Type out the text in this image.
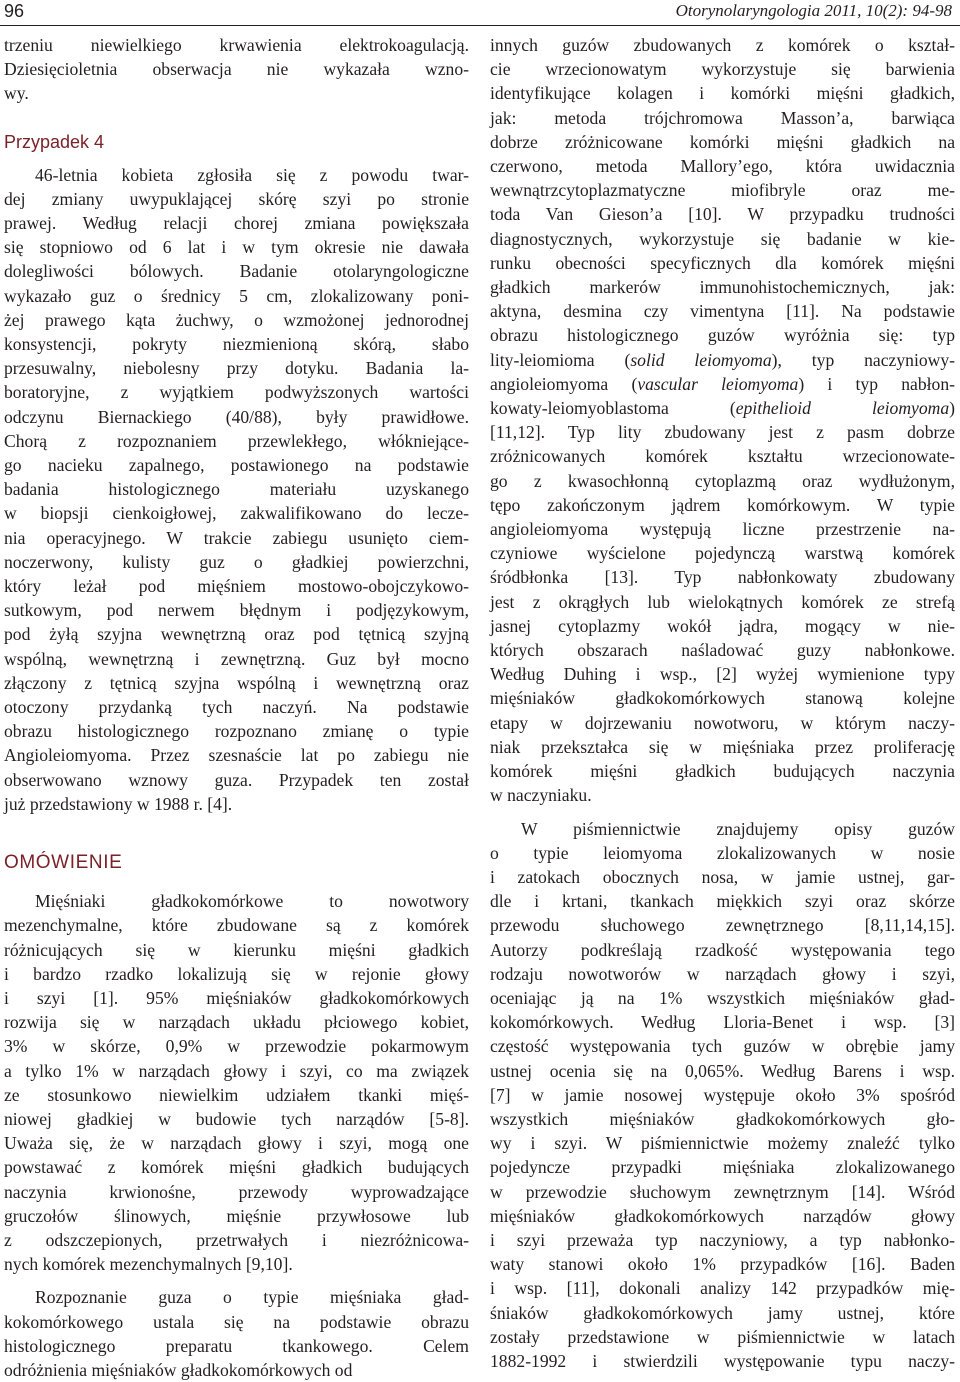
96	Otorynolaryngologia 2011, 10(2): 94-98

trzeniu niewielkiego krwawienia elektrokoagulacją.
Dziesięcioletnia obserwacja nie wykazała wzno-
wy.

Przypadek 4

46-letnia kobieta zgłosiła się z powodu twar-
dej zmiany uwypuklającej skórę szyi po stronie
prawej. Według relacji chorej zmiana powiększała
się stopniowo od 6 lat i w tym okresie nie dawała
dolegliwości bólowych. Badanie otolaryngologiczne
wykazało guz o średnicy 5 cm, zlokalizowany poni-
żej prawego kąta żuchwy, o wzmożonej jednorodnej
konsystencji, pokryty niezmienioną skórą, słabo
przesuwalny, niebolesny przy dotyku. Badania la-
boratoryjne, z wyjątkiem podwyższonych wartości
odczynu Biernackiego (40/88), były prawidłowe.
Chorą z rozpoznaniem przewlekłego, włókniejące-
go nacieku zapalnego, postawionego na podstawie
badania histologicznego materiału uzyskanego
w biopsji cienkoigłowej, zakwalifikowano do lecze-
nia operacyjnego. W trakcie zabiegu usunięto ciem-
noczerwony, kulisty guz o gładkiej powierzchni,
który leżał pod mięśniem mostowo-obojczykowo-
sutkowym, pod nerwem błędnym i podjęzykowym,
pod żyłą szyjna wewnętrzną oraz pod tętnicą szyjną
wspólną, wewnętrzną i zewnętrzną. Guz był mocno
złączony z tętnicą szyjna wspólną i wewnętrzną oraz
otoczony przydanką tych naczyń. Na podstawie
obrazu histologicznego rozpoznano zmianę o typie
Angioleiomyoma. Przez szesnaście lat po zabiegu nie
obserwowano wznowy guza. Przypadek ten został
już przedstawiony w 1988 r. [4].

OMÓWIENIE

Mięśniaki gładkokomórkowe to nowotwory
mezenchymalne, które zbudowane są z komórek
różnicujących się w kierunku mięśni gładkich
i bardzo rzadko lokalizują się w rejonie głowy
i szyi [1]. 95% mięśniaków gładkokomórkowych
rozwija się w narządach układu płciowego kobiet,
3% w skórze, 0,9% w przewodzie pokarmowym
a tylko 1% w narządach głowy i szyi, co ma związek
ze stosunkowo niewielkim udziałem tkanki mięś-
niowej gładkiej w budowie tych narządów [5-8].
Uważa się, że w narządach głowy i szyi, mogą one
powstawać z komórek mięśni gładkich budujących
naczynia krwionośne, przewody wyprowadzające
gruczołów ślinowych, mięśnie przywłosowe lub
z odszczepionych, przetrwałych i niezróżnicowa-
nych komórek mezenchymalnych [9,10].

Rozpoznanie guza o typie mięśniaka gład-
kokomórkowego ustala się na podstawie obrazu
histologicznego preparatu tkankowego. Celem
odróżnienia mięśniaków gładkokomórkowych od

innych guzów zbudowanych z komórek o kształ-
cie wrzecionowatym wykorzystuje się barwienia
identyfikujące kolagen i komórki mięśni gładkich,
jak: metoda trójchromowa Masson’a, barwiąca
dobrze zróżnicowane komórki mięśni gładkich na
czerwono, metoda Mallory’ego, która uwidacznia
wewnątrzcytoplazmatyczne miofibryle oraz me-
toda Van Gieson’a [10]. W przypadku trudności
diagnostycznych, wykorzystuje się badanie w kie-
runku obecności specyficznych dla komórek mięśni
gładkich markerów immunohistochemicznych, jak:
aktyna, desmina czy vimentyna [11]. Na podstawie
obrazu histologicznego guzów wyróżnia się: typ
lity-leiomioma (solid leiomyoma), typ naczyniowy-
angioleiomyoma (vascular leiomyoma) i typ nabłon-
kowaty-leiomyoblastoma (epithelioid leiomyoma)
[11,12]. Typ lity zbudowany jest z pasm dobrze
zróżnicowanych komórek kształtu wrzecionowate-
go z kwasochłonną cytoplazmą oraz wydłużonym,
tępo zakończonym jądrem komórkowym. W typie
angioleiomyoma występują liczne przestrzenie na-
czyniowe wyścielone pojedynczą warstwą komórek
śródbłonka [13]. Typ nabłonkowaty zbudowany
jest z okrągłych lub wielokątnych komórek ze strefą
jasnej cytoplazmy wokół jądra, mogący w nie-
których obszarach naśladować guzy nabłonkowe.
Według Duhing i wsp., [2] wyżej wymienione typy
mięśniaków gładkokomórkowych stanową kolejne
etapy w dojrzewaniu nowotworu, w którym naczy-
niak przekształca się w mięśniaka przez proliferację
komórek mięśni gładkich budujących naczynia
w naczyniaku.

W piśmiennictwie znajdujemy opisy guzów
o typie leiomyoma zlokalizowanych w nosie
i zatokach obocznych nosa, w jamie ustnej, gar-
dle i krtani, tkankach miękkich szyi oraz skórze
przewodu słuchowego zewnętrznego [8,11,14,15].
Autorzy podkreślają rzadkość występowania tego
rodzaju nowotworów w narządach głowy i szyi,
oceniając ją na 1% wszystkich mięśniaków gład-
kokomórkowych. Według Lloria-Benet i wsp. [3]
częstość występowania tych guzów w obrębie jamy
ustnej ocenia się na 0,065%. Według Barens i wsp.
[7] w jamie nosowej występuje około 3% spośród
wszystkich mięśniaków gładkokomórkowych gło-
wy i szyi. W piśmiennictwie możemy znaleźć tylko
pojedyncze przypadki mięśniaka zlokalizowanego
w przewodzie słuchowym zewnętrznym [14]. Wśród
mięśniaków gładkokomórkowych narządów głowy
i szyi przeważa typ naczyniowy, a typ nabłonko-
waty stanowi około 1% przypadków [16]. Baden
i wsp. [11], dokonali analizy 142 przypadków mię-
śniaków gładkokomórkowych jamy ustnej, które
zostały przedstawione w piśmiennictwie w latach
1882-1992 i stwierdzili występowanie typu naczy-
